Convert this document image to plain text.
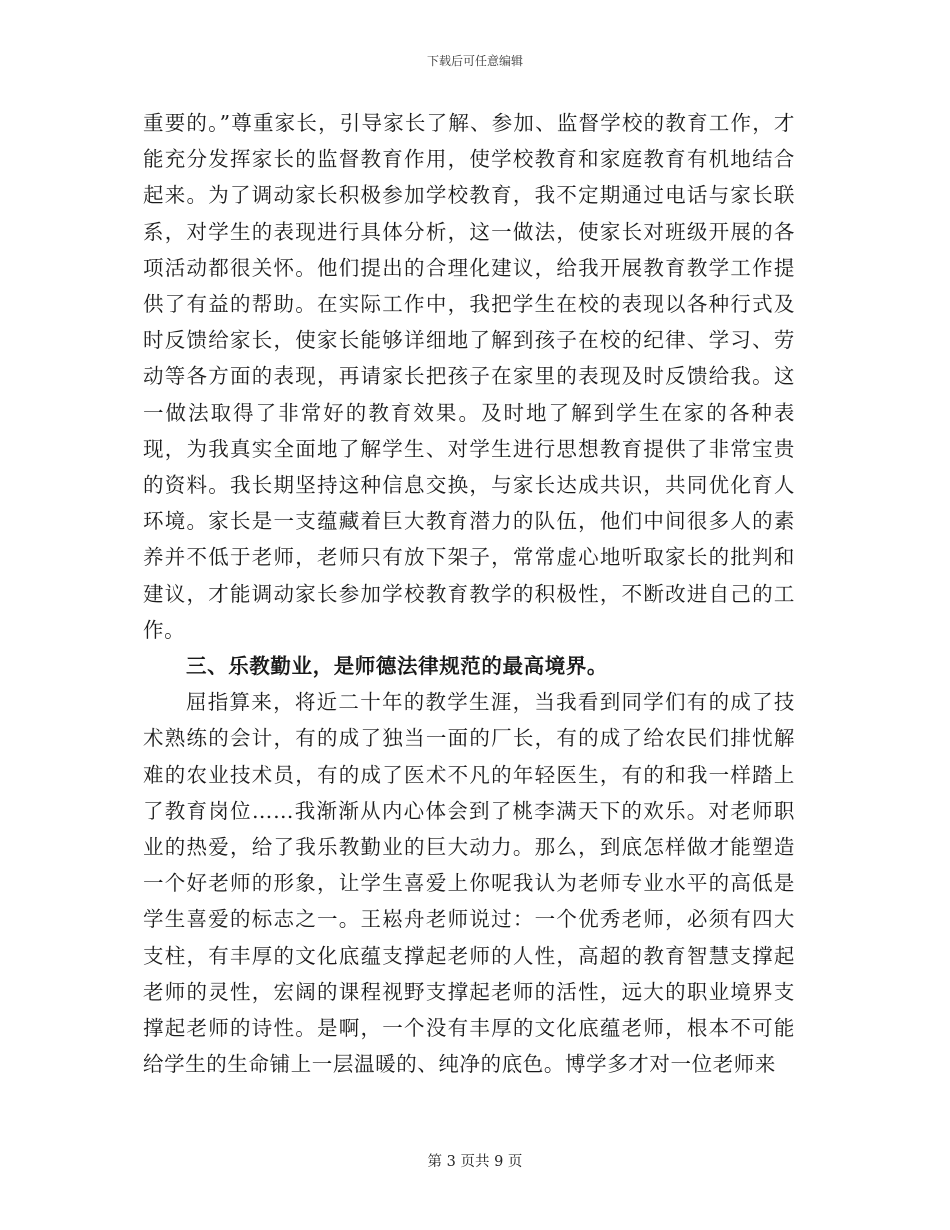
下载后可任意编辑

重要的。”尊重家长，引导家长了解、参加、监督学校的教育工作，才能充分发挥家长的监督教育作用，使学校教育和家庭教育有机地结合起来。为了调动家长积极参加学校教育，我不定期通过电话与家长联系，对学生的表现进行具体分析，这一做法，使家长对班级开展的各项活动都很关怀。他们提出的合理化建议，给我开展教育教学工作提供了有益的帮助。在实际工作中，我把学生在校的表现以各种行式及时反馈给家长，使家长能够详细地了解到孩子在校的纪律、学习、劳动等各方面的表现，再请家长把孩子在家里的表现及时反馈给我。这一做法取得了非常好的教育效果。及时地了解到学生在家的各种表现，为我真实全面地了解学生、对学生进行思想教育提供了非常宝贵的资料。我长期坚持这种信息交换，与家长达成共识，共同优化育人环境。家长是一支蕴藏着巨大教育潜力的队伍，他们中间很多人的素养并不低于老师，老师只有放下架子，常常虚心地听取家长的批判和建议，才能调动家长参加学校教育教学的积极性，不断改进自己的工作。

三、乐教勤业，是师德法律规范的最高境界。

屈指算来，将近二十年的教学生涯，当我看到同学们有的成了技术熟练的会计，有的成了独当一面的厂长，有的成了给农民们排忧解难的农业技术员，有的成了医术不凡的年轻医生，有的和我一样踏上了教育岗位……我渐渐从内心体会到了桃李满天下的欢乐。对老师职业的热爱，给了我乐教勤业的巨大动力。那么，到底怎样做才能塑造一个好老师的形象，让学生喜爱上你呢我认为老师专业水平的高低是学生喜爱的标志之一。王崧舟老师说过：一个优秀老师，必须有四大支柱，有丰厚的文化底蕴支撑起老师的人性，高超的教育智慧支撑起老师的灵性，宏阔的课程视野支撑起老师的活性，远大的职业境界支撑起老师的诗性。是啊，一个没有丰厚的文化底蕴老师，根本不可能给学生的生命铺上一层温暖的、纯净的底色。博学多才对一位老师来

第 3 页共 9 页
